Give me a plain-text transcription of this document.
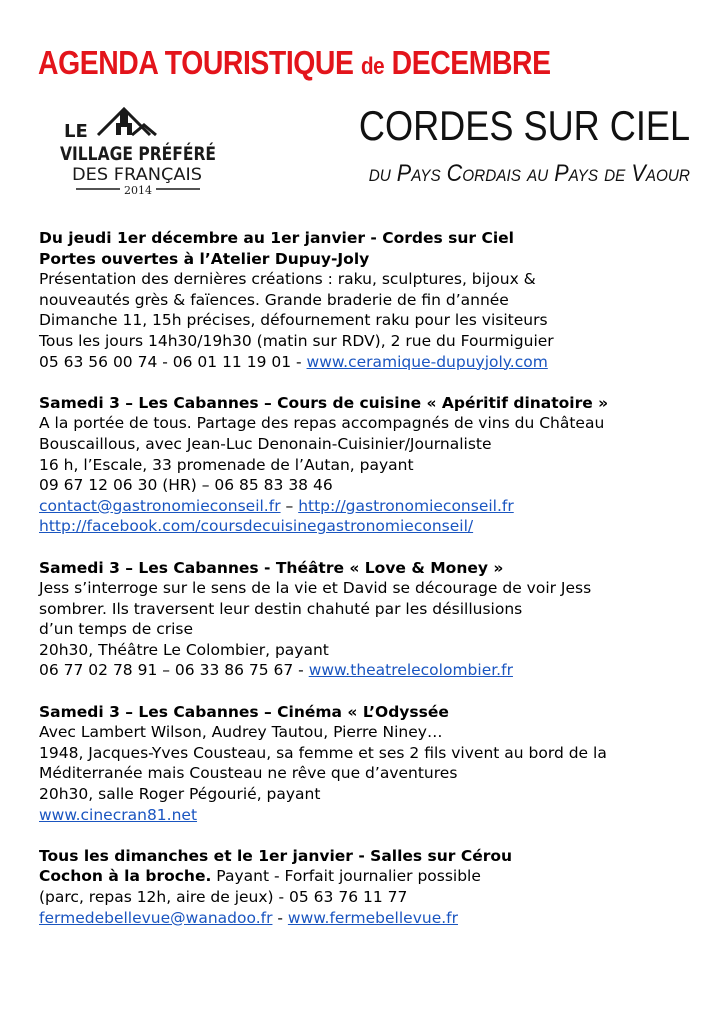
AGENDA TOURISTIQUE de DECEMBRE
LE
VILLAGE PRÉFÉRÉ
DES FRANÇAIS
2014
CORDES SUR CIEL
du Pays Cordais au Pays de Vaour

Du jeudi 1er décembre au 1er janvier - Cordes sur Ciel

Portes ouvertes à l’Atelier Dupuy-Joly

Présentation des dernières créations : raku, sculptures, bijoux &

nouveautés grès & faïences. Grande braderie de fin d’année

Dimanche 11, 15h précises, défournement raku pour les visiteurs

Tous les jours 14h30/19h30 (matin sur RDV), 2 rue du Fourmiguier

05 63 56 00 74 - 06 01 11 19 01 - www.ceramique-dupuyjoly.com

Samedi 3 – Les Cabannes – Cours de cuisine « Apéritif dinatoire »

A la portée de tous. Partage des repas accompagnés de vins du Château

Bouscaillous, avec Jean-Luc Denonain-Cuisinier/Journaliste

16 h, l’Escale, 33 promenade de l’Autan, payant

09 67 12 06 30 (HR) – 06 85 83 38 46

contact@gastronomieconseil.fr – http://gastronomieconseil.fr

http://facebook.com/coursdecuisinegastronomieconseil/

Samedi 3 – Les Cabannes - Théâtre « Love & Money »

Jess s’interroge sur le sens de la vie et David se décourage de voir Jess

sombrer. Ils traversent leur destin chahuté par les désillusions

d’un temps de crise

20h30, Théâtre Le Colombier, payant

06 77 02 78 91 – 06 33 86 75 67 - www.theatrelecolombier.fr

Samedi 3 – Les Cabannes – Cinéma « L’Odyssée

Avec Lambert Wilson, Audrey Tautou, Pierre Niney…

1948, Jacques-Yves Cousteau, sa femme et ses 2 fils vivent au bord de la

Méditerranée mais Cousteau ne rêve que d’aventures

20h30, salle Roger Pégourié, payant

www.cinecran81.net

Tous les dimanches et le 1er janvier - Salles sur Cérou

Cochon à la broche. Payant - Forfait journalier possible

(parc, repas 12h, aire de jeux) - 05 63 76 11 77

fermedebellevue@wanadoo.fr - www.fermebellevue.fr
